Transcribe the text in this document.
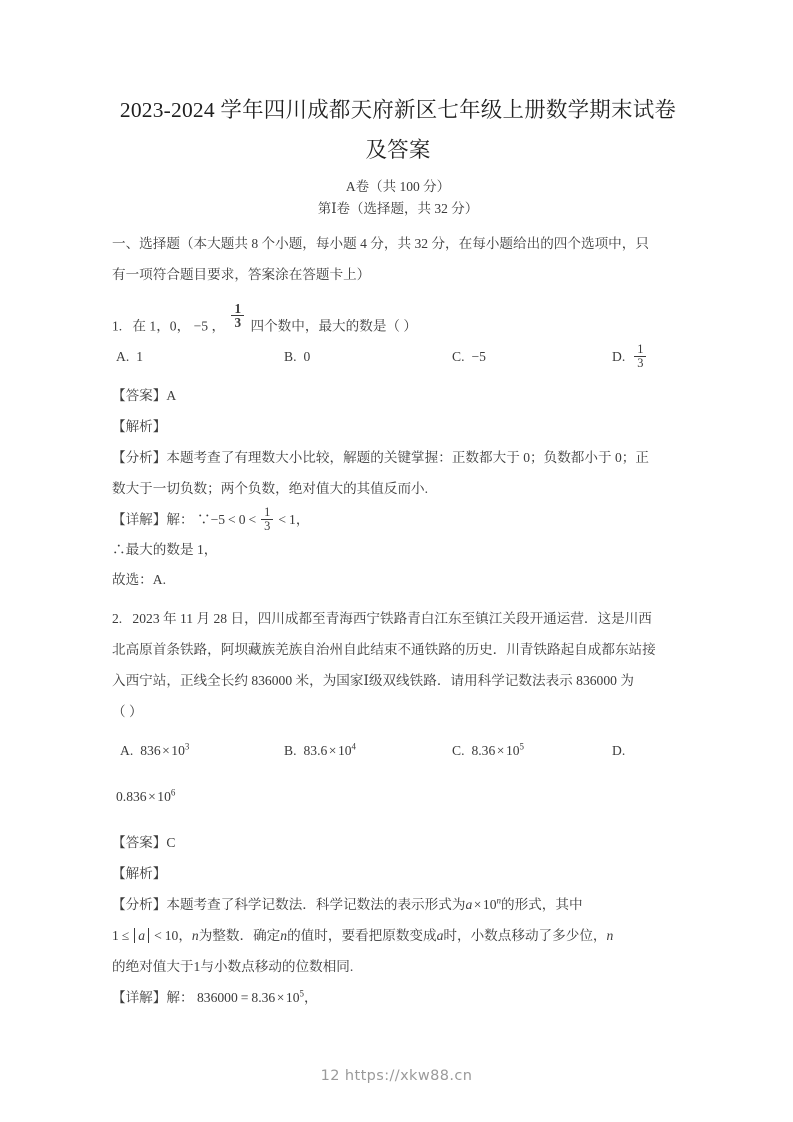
2023-2024 学年四川成都天府新区七年级上册数学期末试卷
及答案
A卷（共 100 分）
第Ⅰ卷（选择题，共 32 分）

一、选择题（本大题共 8 个小题，每小题 4 分，共 32 分，在每小题给出的四个选项中，只

有一项符合题目要求，答案涂在答题卡上）

1. 在 1，0， −5 ， $\frac{1}{3}$ 四个数中，最大的数是（ ）

A. 1	B. 0	C. −5	D. $\frac{1}{3}$

【答案】A

【解析】

【分析】本题考查了有理数大小比较，解题的关键掌握：正数都大于 0；负数都小于 0；正

数大于一切负数；两个负数，绝对值大的其值反而小.

【详解】解： ∵−5 < $0 < \frac{1}{3} < 1$，

∴最大的数是 1，

故选：A.

2. 2023 年 11 月 28 日，四川成都至青海西宁铁路青白江东至镇江关段开通运营．这是川西

北高原首条铁路，阿坝藏族羌族自治州自此结束不通铁路的历史．川青铁路起自成都东站接

入西宁站，正线全长约 836000 米，为国家Ⅰ级双线铁路．请用科学记数法表示 836000 为

（ ）

A. $836 \times 10^3$	B. $83.6 \times 10^4$	C. $8.36 \times 10^5$	D.

$0.836 \times 10^6$

【答案】C

【解析】

【分析】本题考查了科学记数法．科学记数法的表示形式为$a \times 10^n$的形式，其中

1 ≤ a < 10，n为整数．确定n的值时，要看把原数变成a时，小数点移动了多少位，n

的绝对值大于1与小数点移动的位数相同.

【详解】解： $836000 = 8.36 \times 10^5$，

12 https://xkw88.cn
